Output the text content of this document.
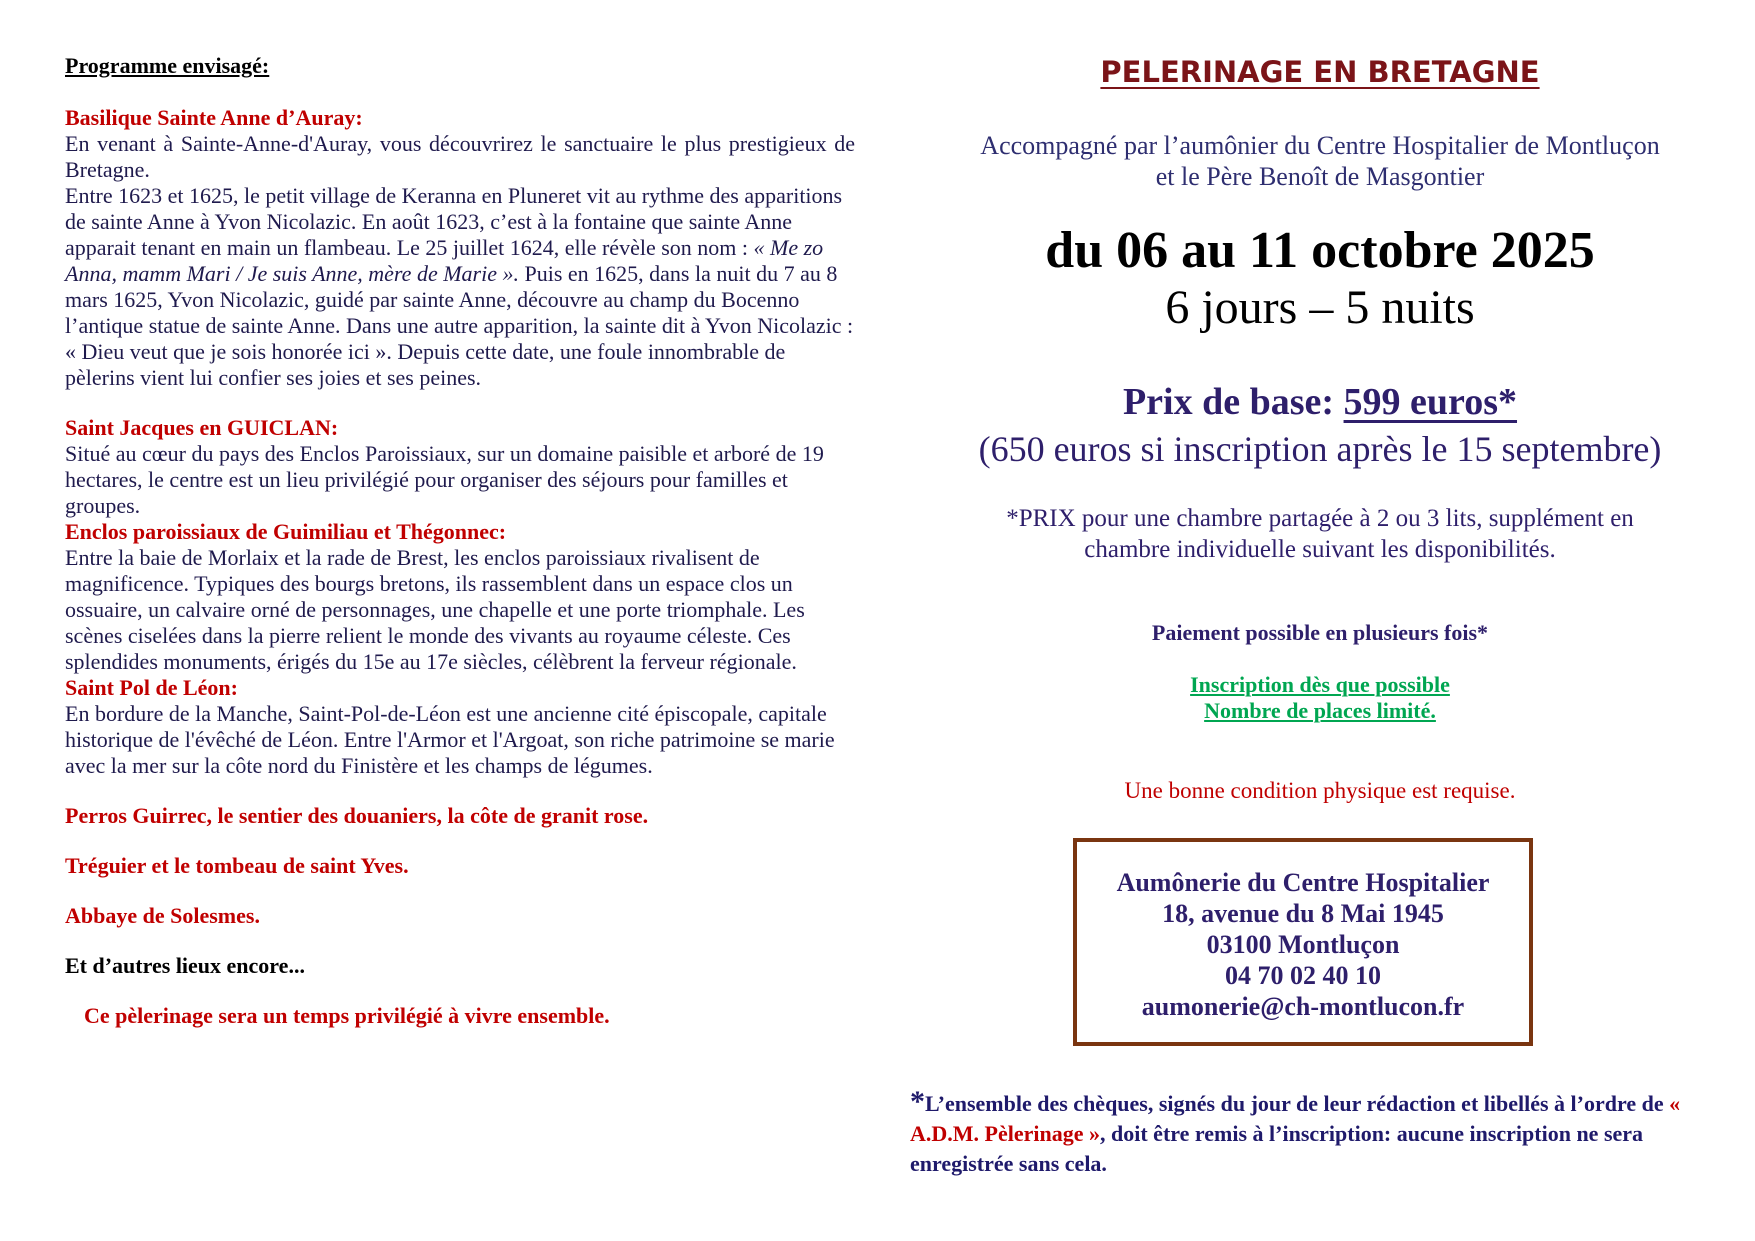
Programme envisagé:

Basilique Sainte Anne d’Auray:

En venant à Sainte-Anne-d'Auray, vous découvrirez le sanctuaire le plus prestigieux de Bretagne.

Entre 1623 et 1625, le petit village de Keranna en Pluneret vit au rythme des apparitions de sainte Anne à Yvon Nicolazic. En août 1623, c’est à la fontaine que sainte Anne apparait tenant en main un flambeau. Le 25 juillet 1624, elle révèle son nom : « Me zo Anna, mamm Mari / Je suis Anne, mère de Marie ». Puis en 1625, dans la nuit du 7 au 8 mars 1625, Yvon Nicolazic, guidé par sainte Anne, découvre au champ du Bocenno l’antique statue de sainte Anne. Dans une autre apparition, la sainte dit à Yvon Nicolazic : « Dieu veut que je sois honorée ici ». Depuis cette date, une foule innombrable de pèlerins vient lui confier ses joies et ses peines.

Saint Jacques en GUICLAN:

Situé au cœur du pays des Enclos Paroissiaux, sur un domaine paisible et arboré de 19 hectares, le centre est un lieu privilégié pour organiser des séjours pour familles et groupes.

Enclos paroissiaux de Guimiliau et Thégonnec:

Entre la baie de Morlaix et la rade de Brest, les enclos paroissiaux rivalisent de magnificence. Typiques des bourgs bretons, ils rassemblent dans un espace clos un ossuaire, un calvaire orné de personnages, une chapelle et une porte triomphale. Les scènes ciselées dans la pierre relient le monde des vivants au royaume céleste. Ces splendides monuments, érigés du 15e au 17e siècles, célèbrent la ferveur régionale.

Saint Pol de Léon:

En bordure de la Manche, Saint-Pol-de-Léon est une ancienne cité épiscopale, capitale historique de l'évêché de Léon. Entre l'Armor et l'Argoat, son riche patrimoine se marie avec la mer sur la côte nord du Finistère et les champs de légumes.

Perros Guirrec, le sentier des douaniers, la côte de granit rose.

Tréguier et le tombeau de saint Yves.

Abbaye de Solesmes.

Et d’autres lieux encore...

Ce pèlerinage sera un temps privilégié à vivre ensemble.

PELERINAGE EN BRETAGNE
Accompagné par l’aumônier du Centre Hospitalier de Montluçon
et le Père Benoît de Masgontier
du 06 au 11 octobre 2025
6 jours – 5 nuits
Prix de base: 599 euros*
(650 euros si inscription après le 15 septembre)
*PRIX pour une chambre partagée à 2 ou 3 lits, supplément en
chambre individuelle suivant les disponibilités.
Paiement possible en plusieurs fois*
Inscription dès que possible
Nombre de places limité.
Une bonne condition physique est requise.

Aumônerie du Centre Hospitalier

18, avenue du 8 Mai 1945

03100 Montluçon

04 70 02 40 10

aumonerie@ch-montlucon.fr

*L’ensemble des chèques, signés du jour de leur rédaction et libellés à l’ordre de « A.D.M. Pèlerinage », doit être remis à l’inscription: aucune inscription ne sera enregistrée sans cela.
